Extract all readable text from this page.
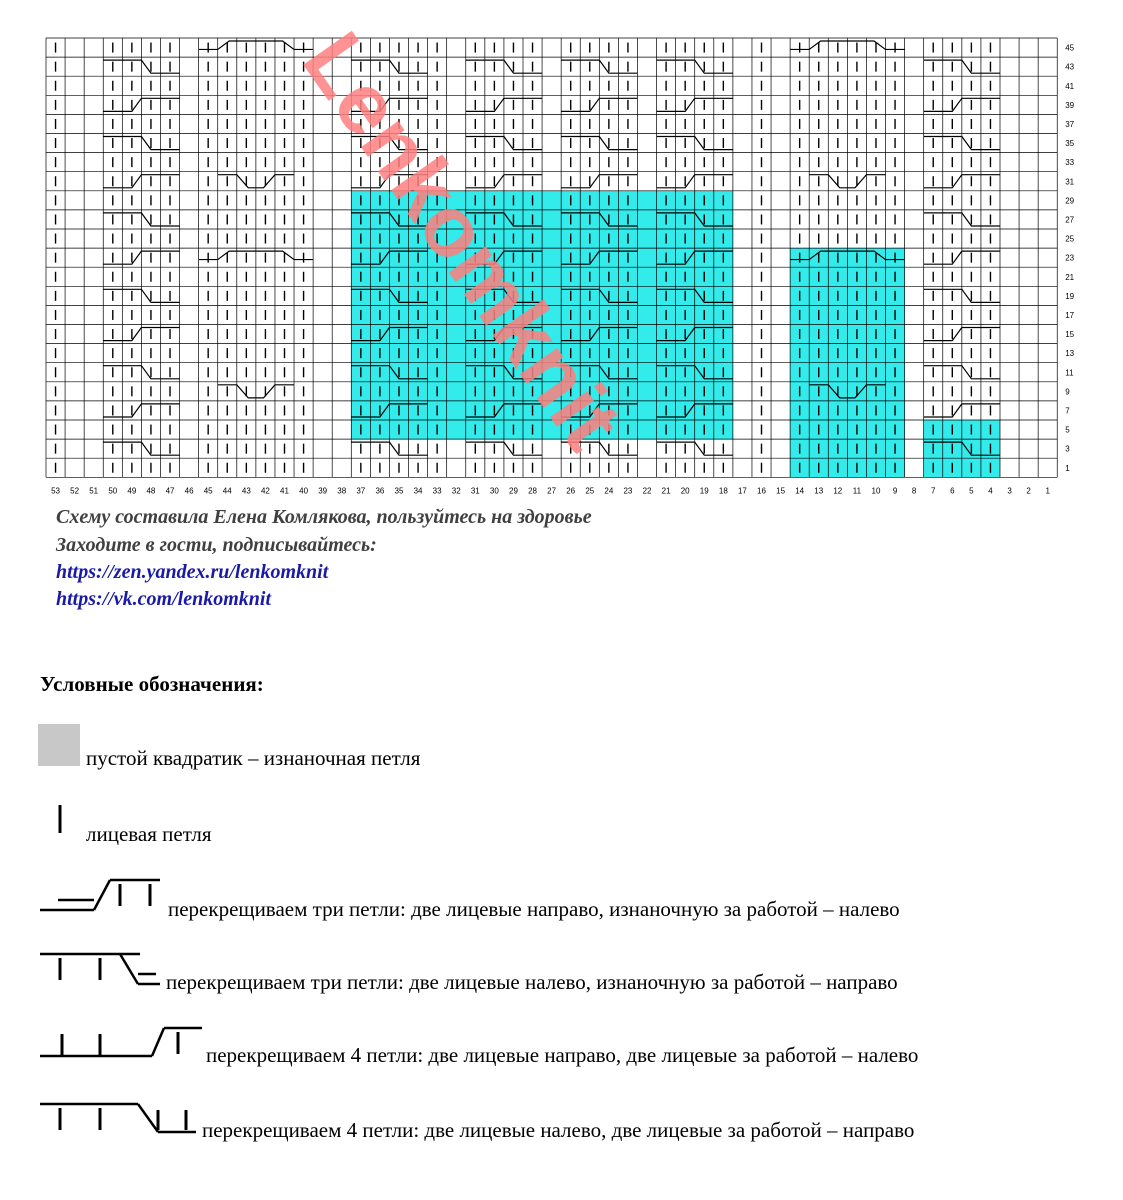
53 52 51 50 49 48 47 46 45 44 43 42 41 40 39 38 37 36 35 34 33 32 31 30 29 28 27 26 25 24 23 22 21 20 19 18 17 16 15 14 13 12 11 10 9 8 7 6 5 4 3 2 1
45
43
41
39
37
35
33
31
29
27
25
23
21
19
17
15
13
11
9
7
5
3
1
Схему составила Елена Комлякова, пользуйтесь на здоровье
Заходите в гости, подписывайтесь:
https://zen.yandex.ru/lenkomknit
https://vk.com/lenkomknit
Условные обозначения:
пустой квадратик – изнаночная петля
лицевая петля
перекрещиваем три петли: две лицевые направо, изнаночную за работой – налево
перекрещиваем три петли: две лицевые налево, изнаночную за работой – направо
перекрещиваем 4 петли: две лицевые направо, две лицевые за работой – налево
перекрещиваем 4 петли: две лицевые налево, две лицевые за работой – направо
Lenkomknit
